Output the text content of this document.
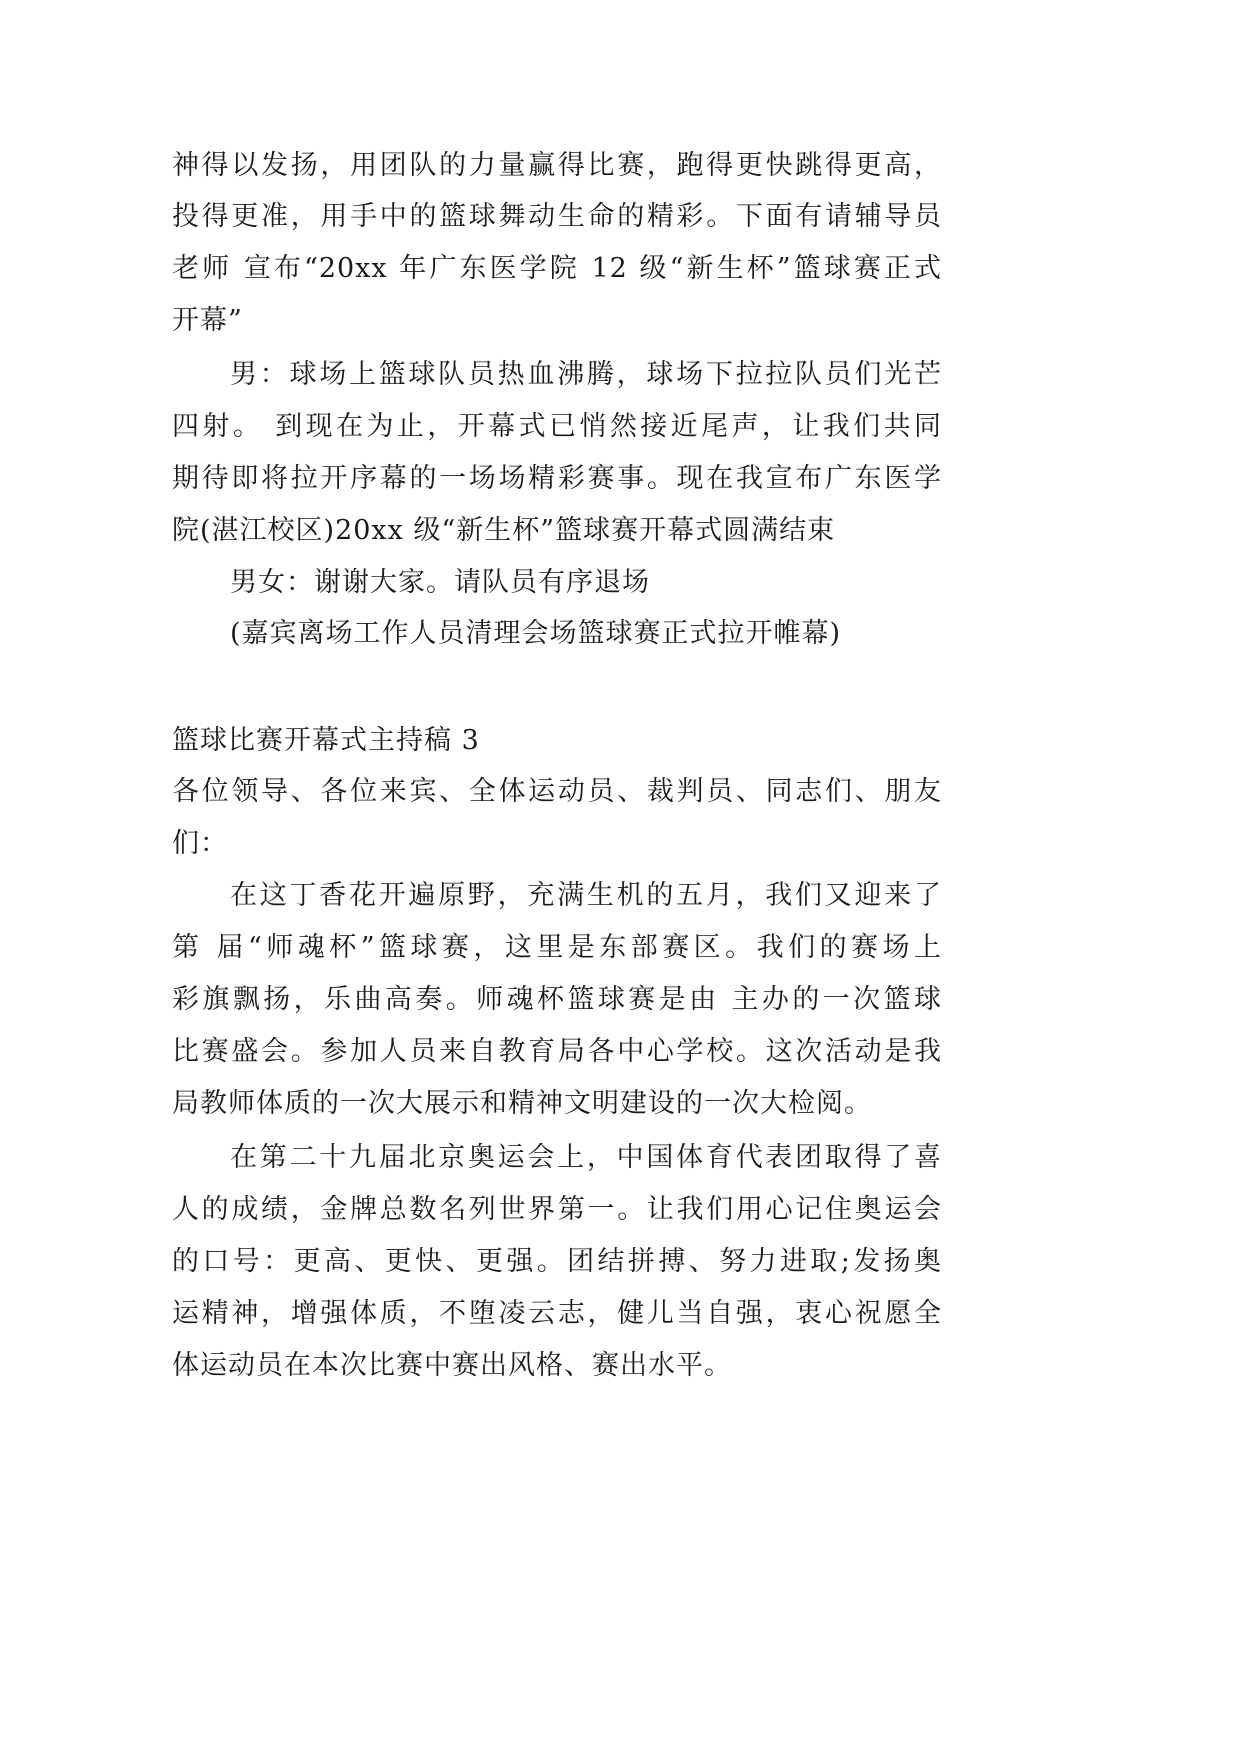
神得以发扬，用团队的力量赢得比赛，跑得更快跳得更高，
投得更准，用手中的篮球舞动生命的精彩。下面有请辅导员
老师 宣布“20xx 年广东医学院 12 级“新生杯”篮球赛正式
开幕”
男：球场上篮球队员热血沸腾，球场下拉拉队员们光芒
四射。 到现在为止，开幕式已悄然接近尾声，让我们共同
期待即将拉开序幕的一场场精彩赛事。现在我宣布广东医学
院(湛江校区)20xx 级“新生杯”篮球赛开幕式圆满结束
男女：谢谢大家。请队员有序退场
(嘉宾离场工作人员清理会场篮球赛正式拉开帷幕)
篮球比赛开幕式主持稿 3
各位领导、各位来宾、全体运动员、裁判员、同志们、朋友
们：
在这丁香花开遍原野，充满生机的五月，我们又迎来了
第 届“师魂杯”篮球赛，这里是东部赛区。我们的赛场上
彩旗飘扬，乐曲高奏。师魂杯篮球赛是由 主办的一次篮球
比赛盛会。参加人员来自教育局各中心学校。这次活动是我
局教师体质的一次大展示和精神文明建设的一次大检阅。
在第二十九届北京奥运会上，中国体育代表团取得了喜
人的成绩，金牌总数名列世界第一。让我们用心记住奥运会
的口号：更高、更快、更强。团结拼搏、努力进取;发扬奥
运精神，增强体质，不堕凌云志，健儿当自强，衷心祝愿全
体运动员在本次比赛中赛出风格、赛出水平。
